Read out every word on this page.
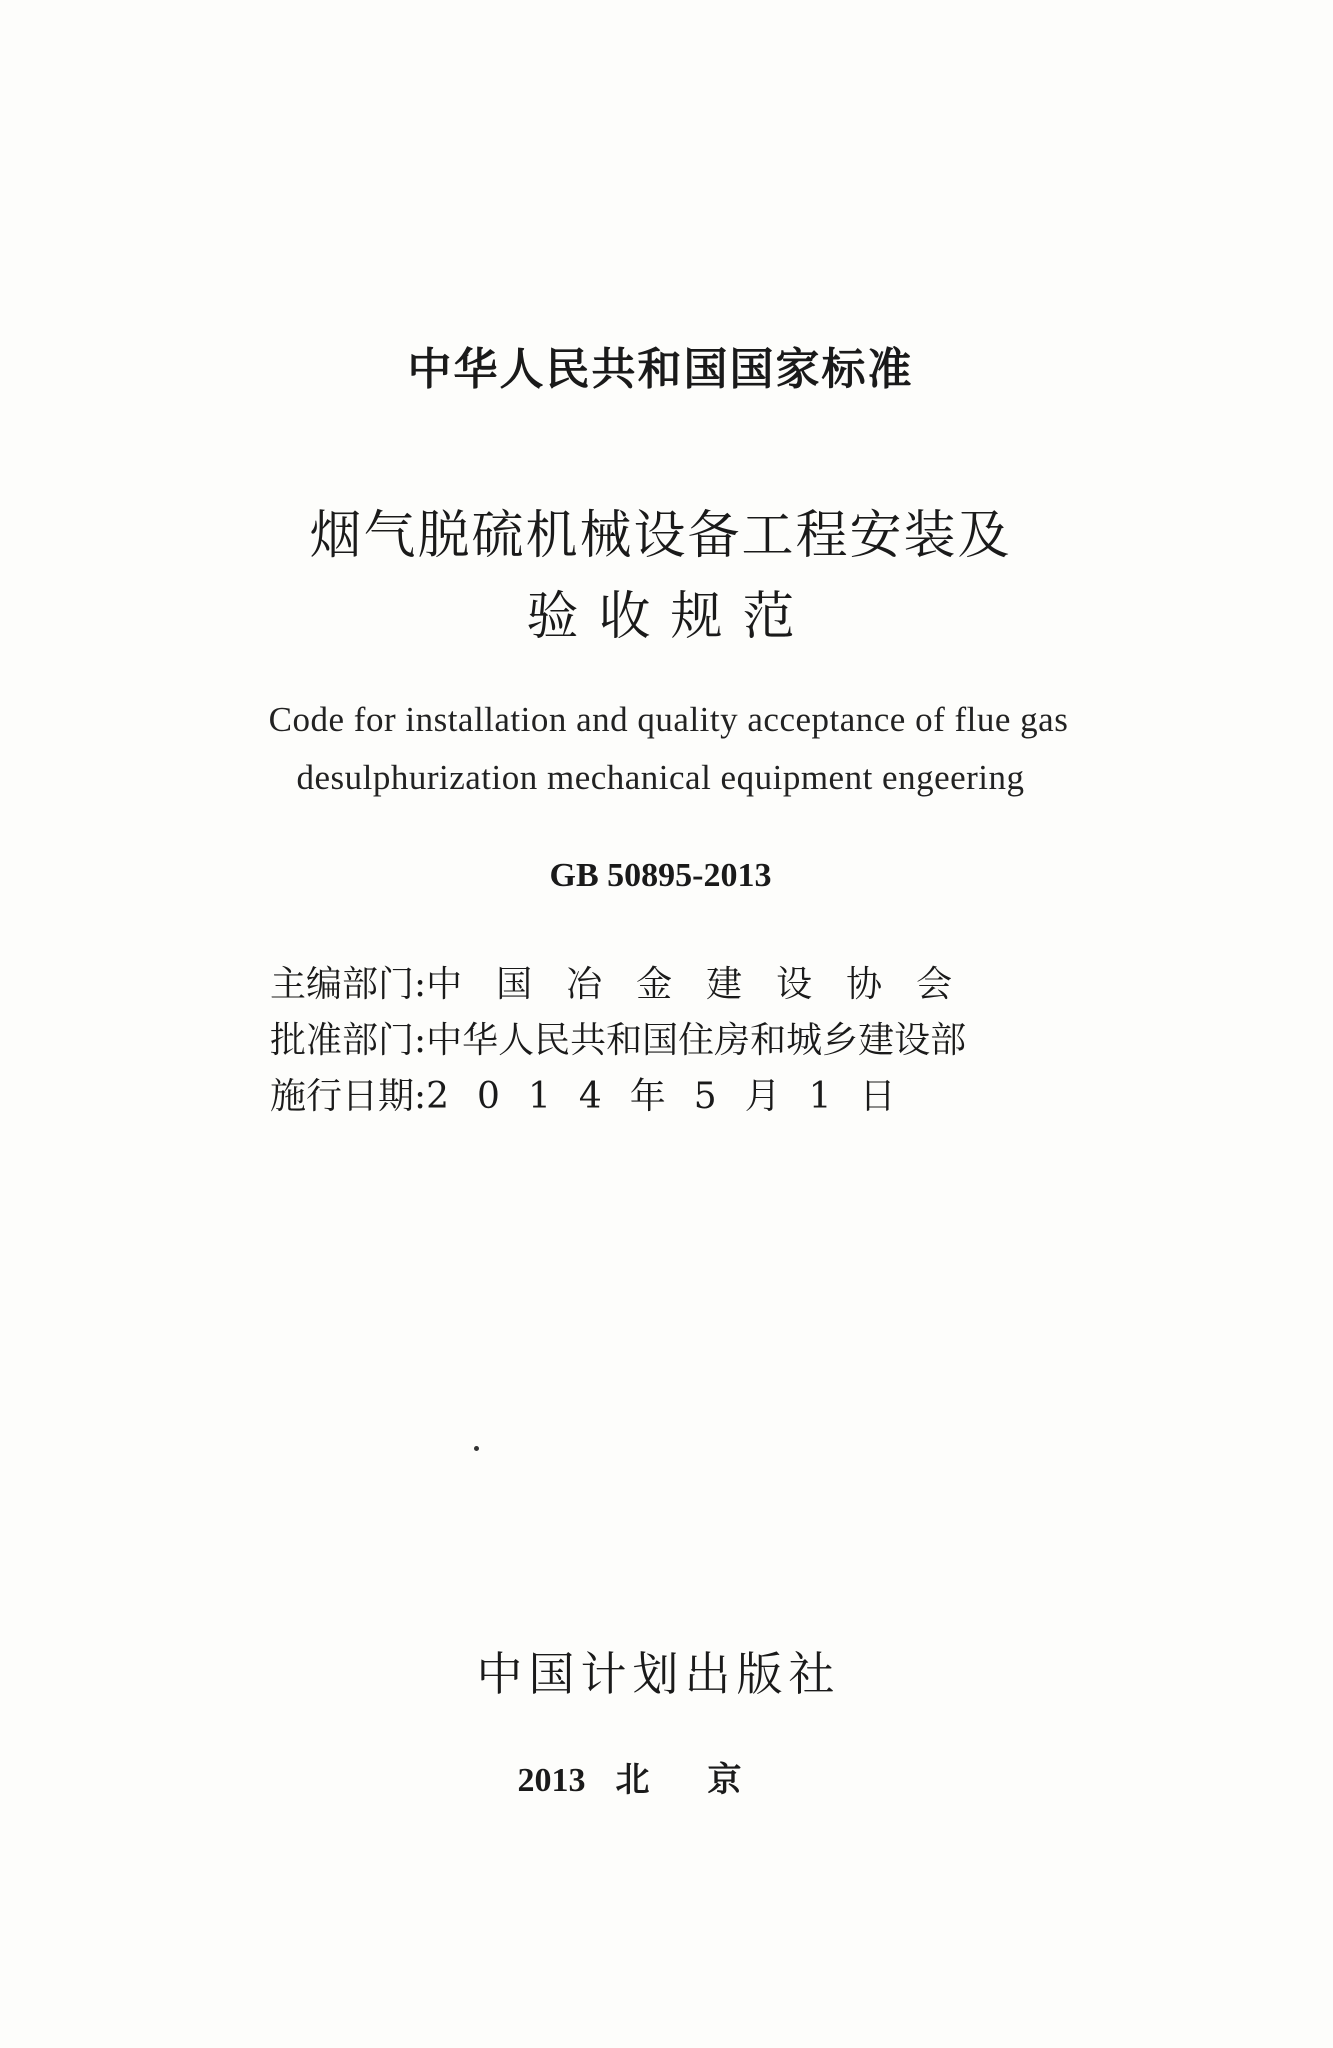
中华人民共和国国家标准
烟气脱硫机械设备工程安装及
验收规范
Code for installation and quality acceptance of flue gas
desulphurization mechanical equipment engeering
GB 50895-2013
主编部门: 中国冶金建设协会
批准部门: 中华人民共和国住房和城乡建设部
施行日期: 2014年5月1日
中国计划出版社
2013 北京
